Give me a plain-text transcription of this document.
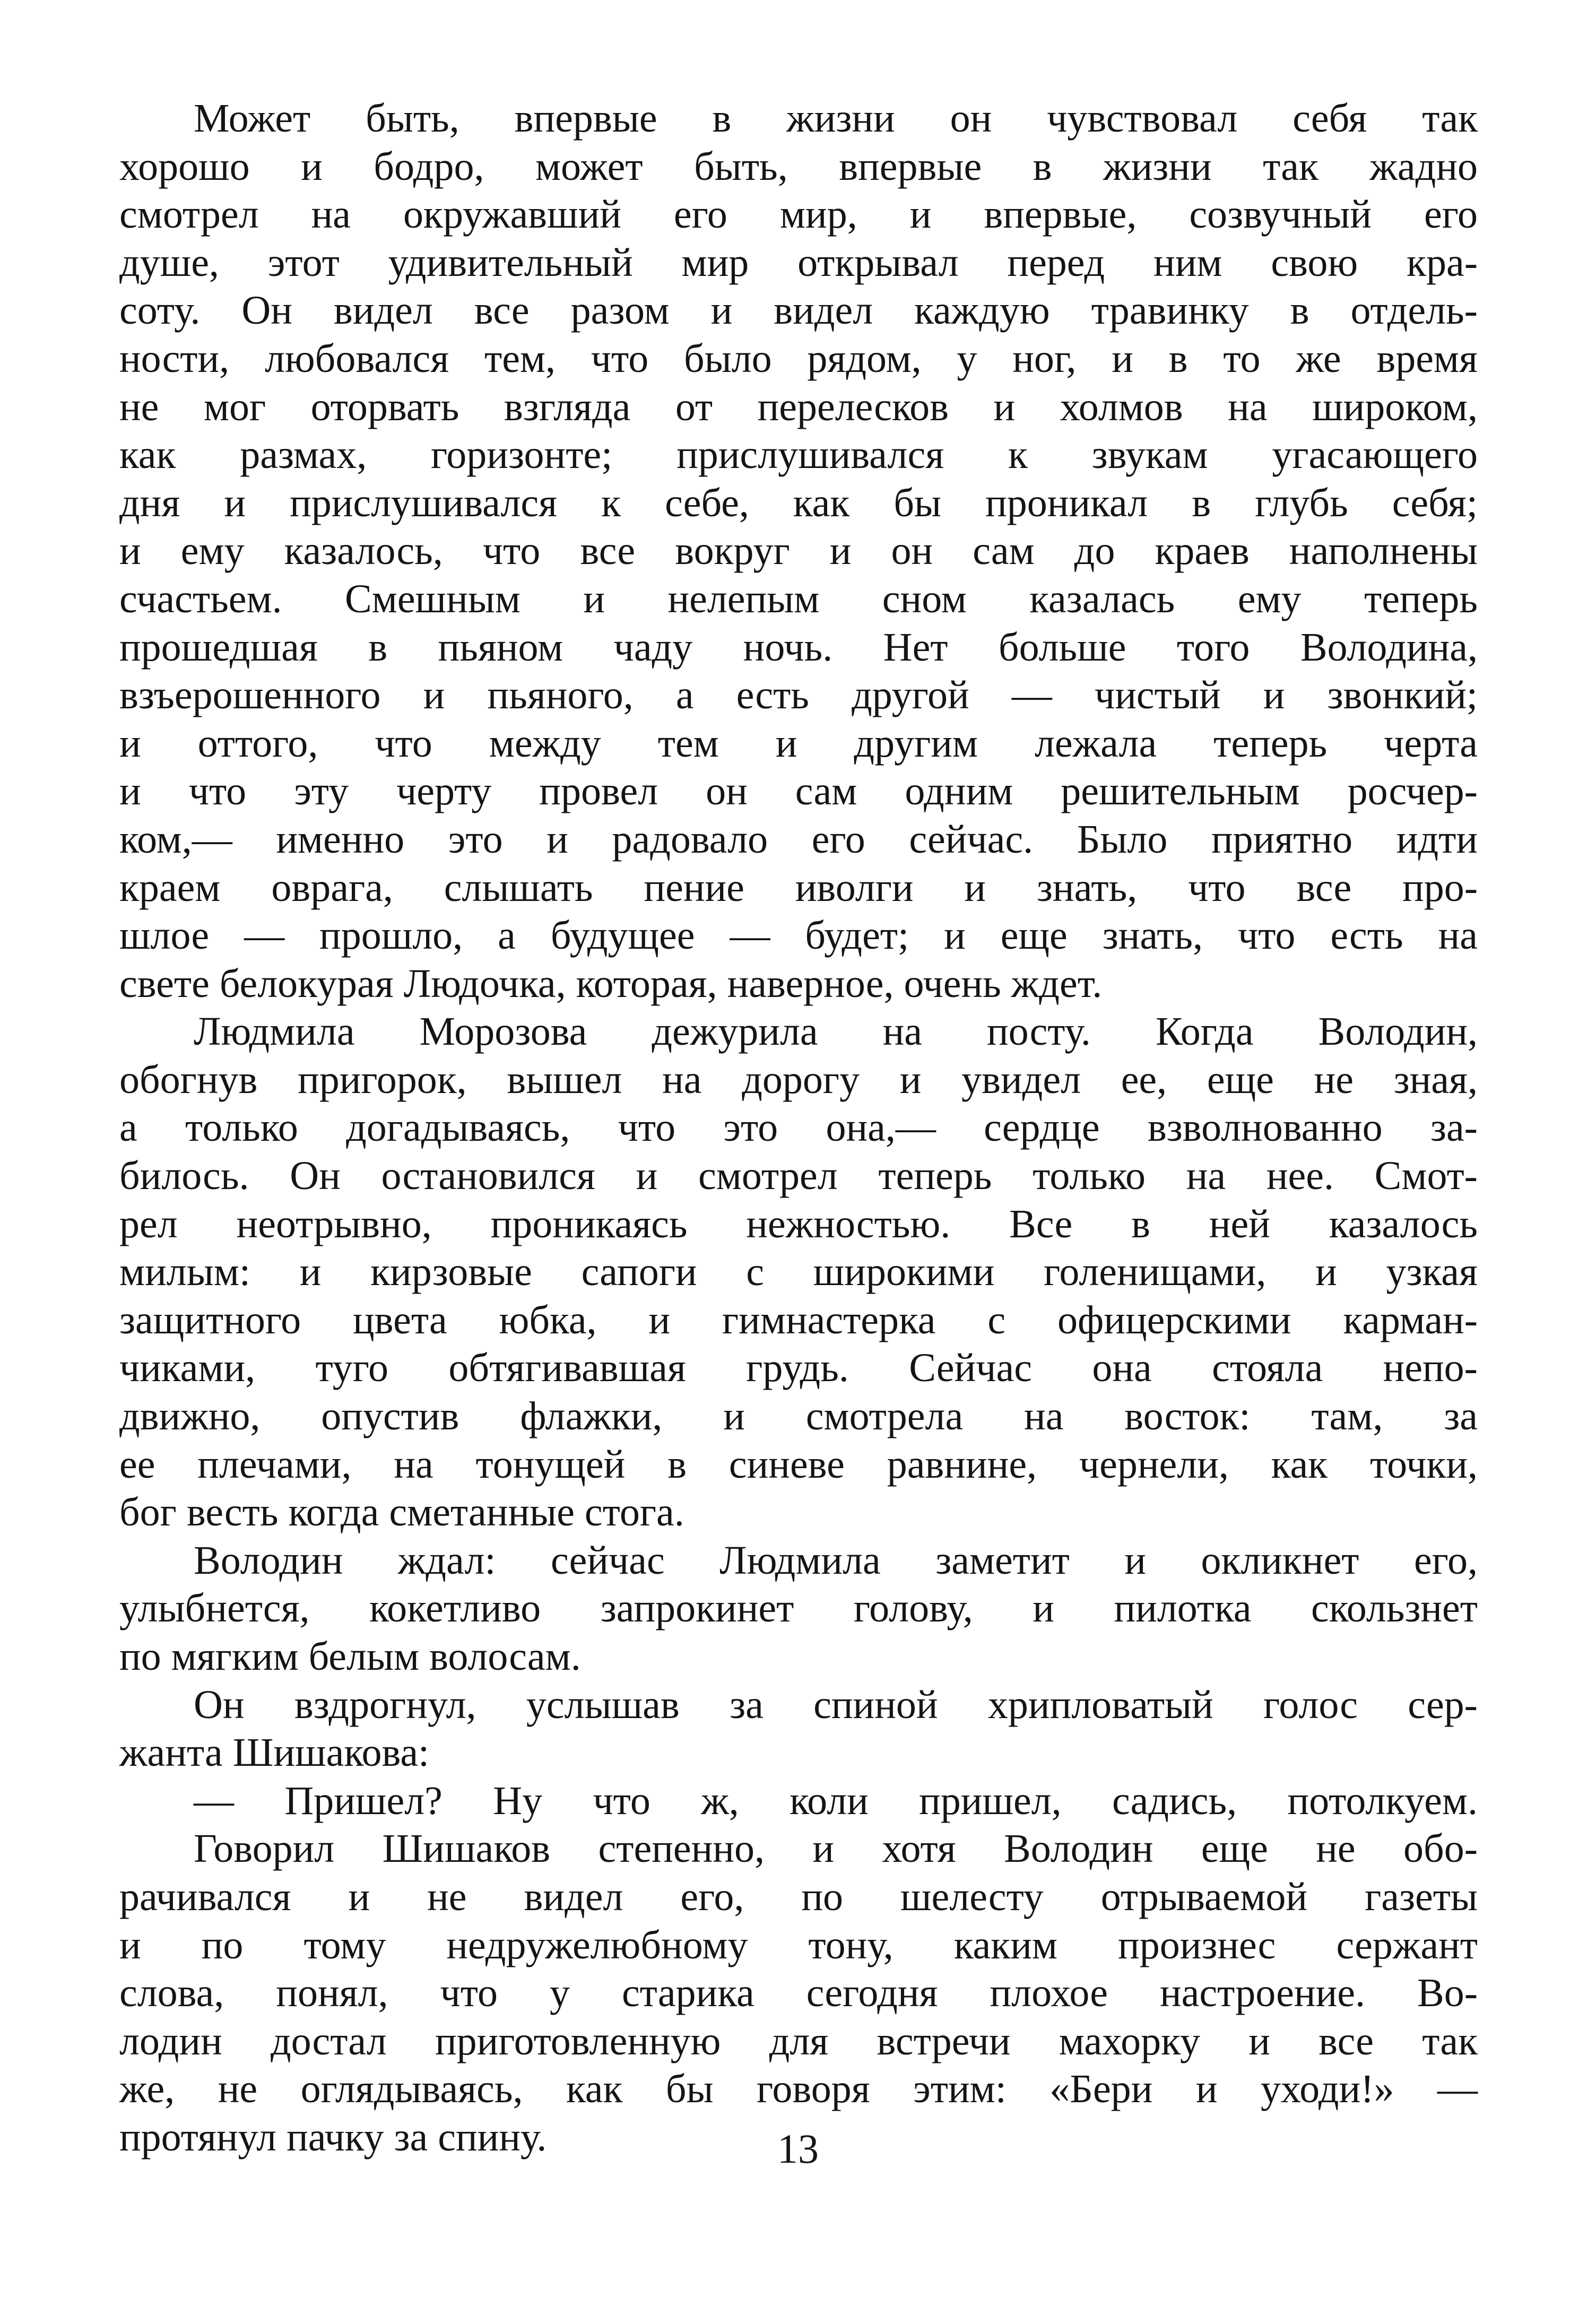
Может быть, впервые в жизни он чувствовал себя так
хорошо и бодро, может быть, впервые в жизни так жадно
смотрел на окружавший его мир, и впервые, созвучный его
душе, этот удивительный мир открывал перед ним свою кра-
соту. Он видел все разом и видел каждую травинку в отдель-
ности, любовался тем, что было рядом, у ног, и в то же время
не мог оторвать взгляда от перелесков и холмов на широком,
как размах, горизонте; прислушивался к звукам угасающего
дня и прислушивался к себе, как бы проникал в глубь себя;
и ему казалось, что все вокруг и он сам до краев наполнены
счастьем. Смешным и нелепым сном казалась ему теперь
прошедшая в пьяном чаду ночь. Нет больше того Володина,
взъерошенного и пьяного, а есть другой — чистый и звонкий;
и оттого, что между тем и другим лежала теперь черта
и что эту черту провел он сам одним решительным росчер-
ком,— именно это и радовало его сейчас. Было приятно идти
краем оврага, слышать пение иволги и знать, что все про-
шлое — прошло, а будущее — будет; и еще знать, что есть на
свете белокурая Людочка, которая, наверное, очень ждет.
Людмила Морозова дежурила на посту. Когда Володин,
обогнув пригорок, вышел на дорогу и увидел ее, еще не зная,
а только догадываясь, что это она,— сердце взволнованно за-
билось. Он остановился и смотрел теперь только на нее. Смот-
рел неотрывно, проникаясь нежностью. Все в ней казалось
милым: и кирзовые сапоги с широкими голенищами, и узкая
защитного цвета юбка, и гимнастерка с офицерскими карман-
чиками, туго обтягивавшая грудь. Сейчас она стояла непо-
движно, опустив флажки, и смотрела на восток: там, за
ее плечами, на тонущей в синеве равнине, чернели, как точки,
бог весть когда сметанные стога.
Володин ждал: сейчас Людмила заметит и окликнет его,
улыбнется, кокетливо запрокинет голову, и пилотка скользнет
по мягким белым волосам.
Он вздрогнул, услышав за спиной хрипловатый голос сер-
жанта Шишакова:
— Пришел? Ну что ж, коли пришел, садись, потолкуем.
Говорил Шишаков степенно, и хотя Володин еще не обо-
рачивался и не видел его, по шелесту отрываемой газеты
и по тому недружелюбному тону, каким произнес сержант
слова, понял, что у старика сегодня плохое настроение. Во-
лодин достал приготовленную для встречи махорку и все так
же, не оглядываясь, как бы говоря этим: «Бери и уходи!» —
протянул пачку за спину.	13
